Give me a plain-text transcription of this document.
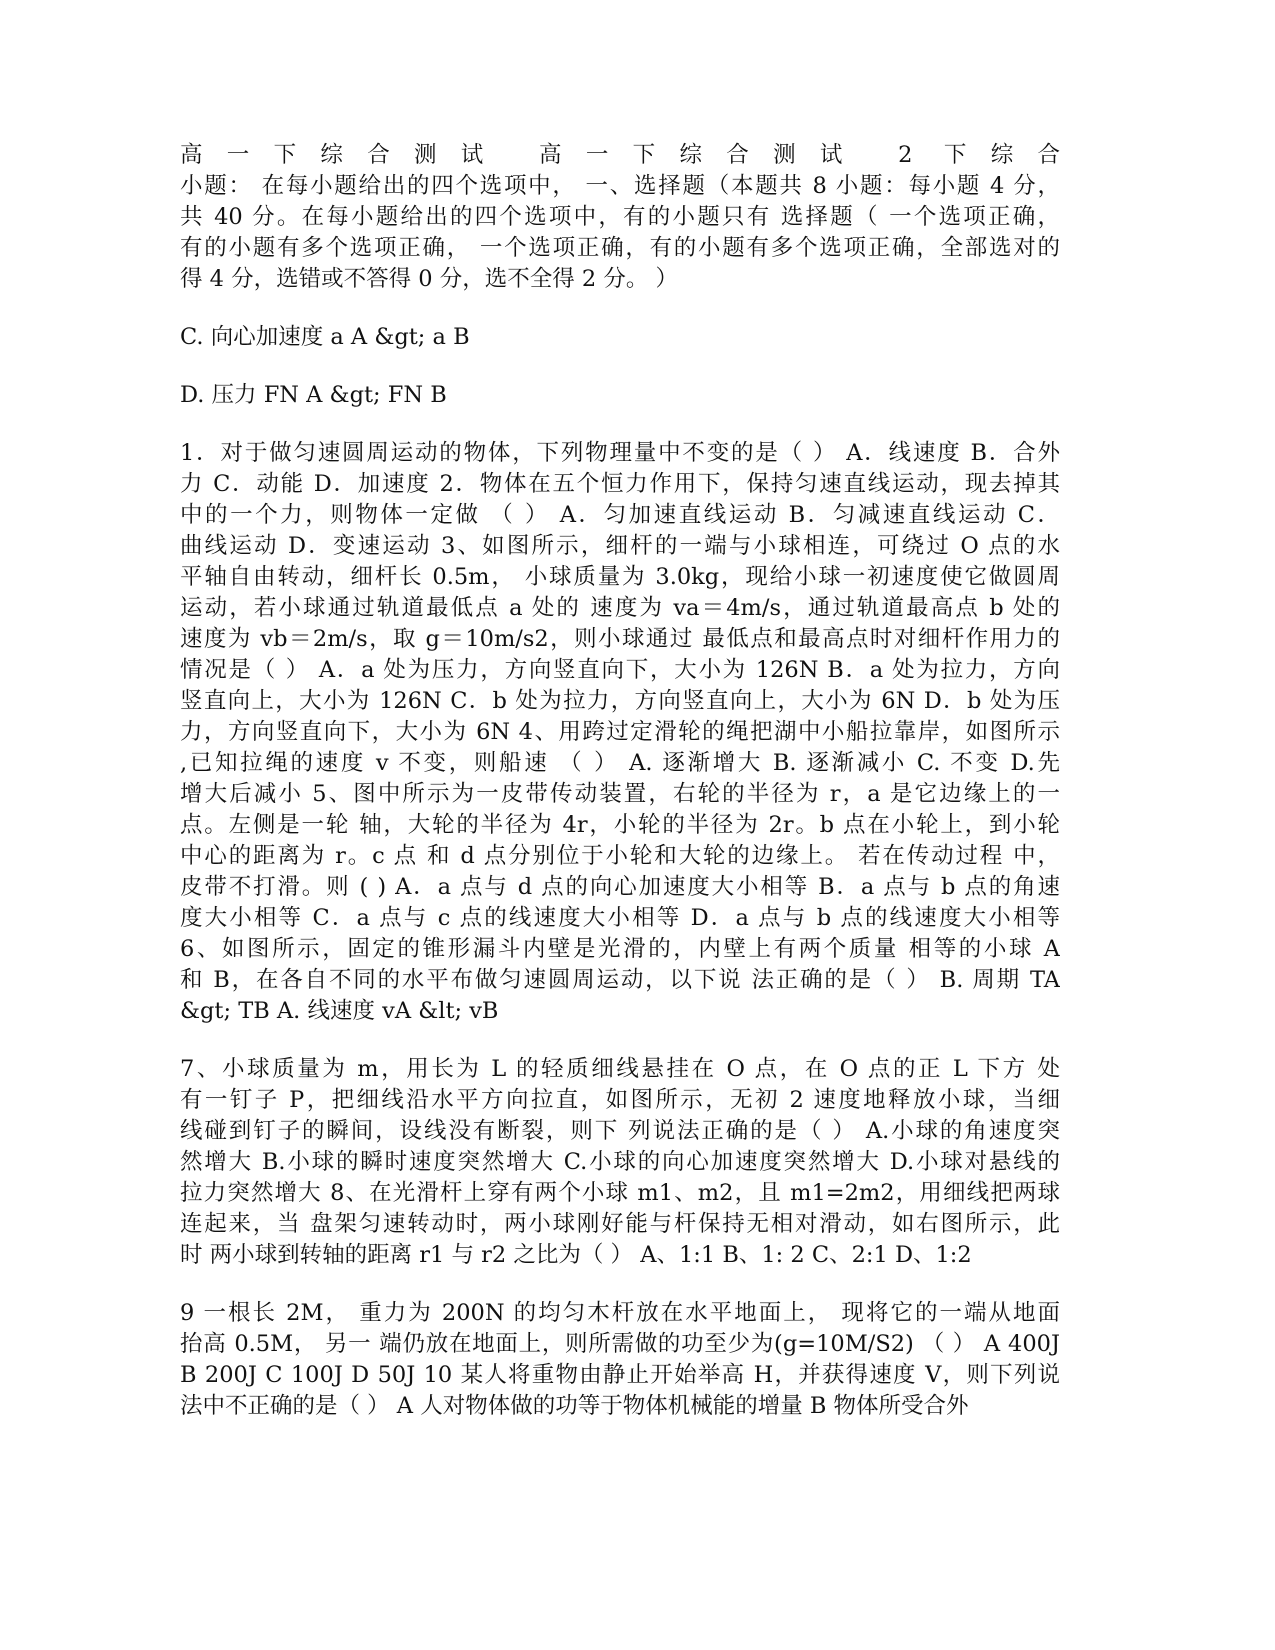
高一下综合测试 高一下综合测试 2 下综合
小题： 在每小题给出的四个选项中， 一、选择题（本题共 8 小题：每小题 4 分，
共 40 分。在每小题给出的四个选项中，有的小题只有 选择题（ 一个选项正确，
有的小题有多个选项正确， 一个选项正确，有的小题有多个选项正确，全部选对的
得 4 分，选错或不答得 0 分，选不全得 2 分。 ）
C. 向心加速度 a A &gt; a B
D. 压力 FN A &gt; FN B
1．对于做匀速圆周运动的物体，下列物理量中不变的是（ ） A．线速度 B．合外
力 C．动能 D．加速度 2．物体在五个恒力作用下，保持匀速直线运动，现去掉其
中的一个力，则物体一定做 （ ） A．匀加速直线运动 B．匀减速直线运动 C．
曲线运动 D．变速运动 3、如图所示，细杆的一端与小球相连，可绕过 O 点的水
平轴自由转动，细杆长 0.5m， 小球质量为 3.0kg，现给小球一初速度使它做圆周
运动，若小球通过轨道最低点 a 处的 速度为 va＝4m/s，通过轨道最高点 b 处的
速度为 vb＝2m/s，取 g＝10m/s2，则小球通过 最低点和最高点时对细杆作用力的
情况是（ ） A．a 处为压力，方向竖直向下，大小为 126N B．a 处为拉力，方向
竖直向上，大小为 126N C．b 处为拉力，方向竖直向上，大小为 6N D．b 处为压
力，方向竖直向下，大小为 6N 4、用跨过定滑轮的绳把湖中小船拉靠岸，如图所示
,已知拉绳的速度 v 不变，则船速 （ ） A. 逐渐增大 B. 逐渐减小 C. 不变 D.先
增大后减小 5、图中所示为一皮带传动装置，右轮的半径为 r，a 是它边缘上的一
点。左侧是一轮 轴，大轮的半径为 4r，小轮的半径为 2r。b 点在小轮上，到小轮
中心的距离为 r。c 点 和 d 点分别位于小轮和大轮的边缘上。 若在传动过程 中，
皮带不打滑。则 ( ) A．a 点与 d 点的向心加速度大小相等 B．a 点与 b 点的角速
度大小相等 C．a 点与 c 点的线速度大小相等 D．a 点与 b 点的线速度大小相等
6、如图所示，固定的锥形漏斗内壁是光滑的，内壁上有两个质量 相等的小球 A
和 B，在各自不同的水平布做匀速圆周运动，以下说 法正确的是（ ） B. 周期 TA
&gt; TB A. 线速度 vA &lt; vB
7、小球质量为 m，用长为 L 的轻质细线悬挂在 O 点，在 O 点的正 L 下方 处
有一钉子 P，把细线沿水平方向拉直，如图所示，无初 2 速度地释放小球，当细
线碰到钉子的瞬间，设线没有断裂，则下 列说法正确的是（ ） A.小球的角速度突
然增大 B.小球的瞬时速度突然增大 C.小球的向心加速度突然增大 D.小球对悬线的
拉力突然增大 8、在光滑杆上穿有两个小球 m1、m2，且 m1=2m2，用细线把两球
连起来，当 盘架匀速转动时，两小球刚好能与杆保持无相对滑动，如右图所示，此
时 两小球到转轴的距离 r1 与 r2 之比为（ ） A、1:1 B、1: 2 C、2:1 D、1:2
9 一根长 2M， 重力为 200N 的均匀木杆放在水平地面上， 现将它的一端从地面
抬高 0.5M， 另一 端仍放在地面上，则所需做的功至少为(g=10M/S2) （ ） A 400J
B 200J C 100J D 50J 10 某人将重物由静止开始举高 H，并获得速度 V，则下列说
法中不正确的是（ ） A 人对物体做的功等于物体机械能的增量 B 物体所受合外
